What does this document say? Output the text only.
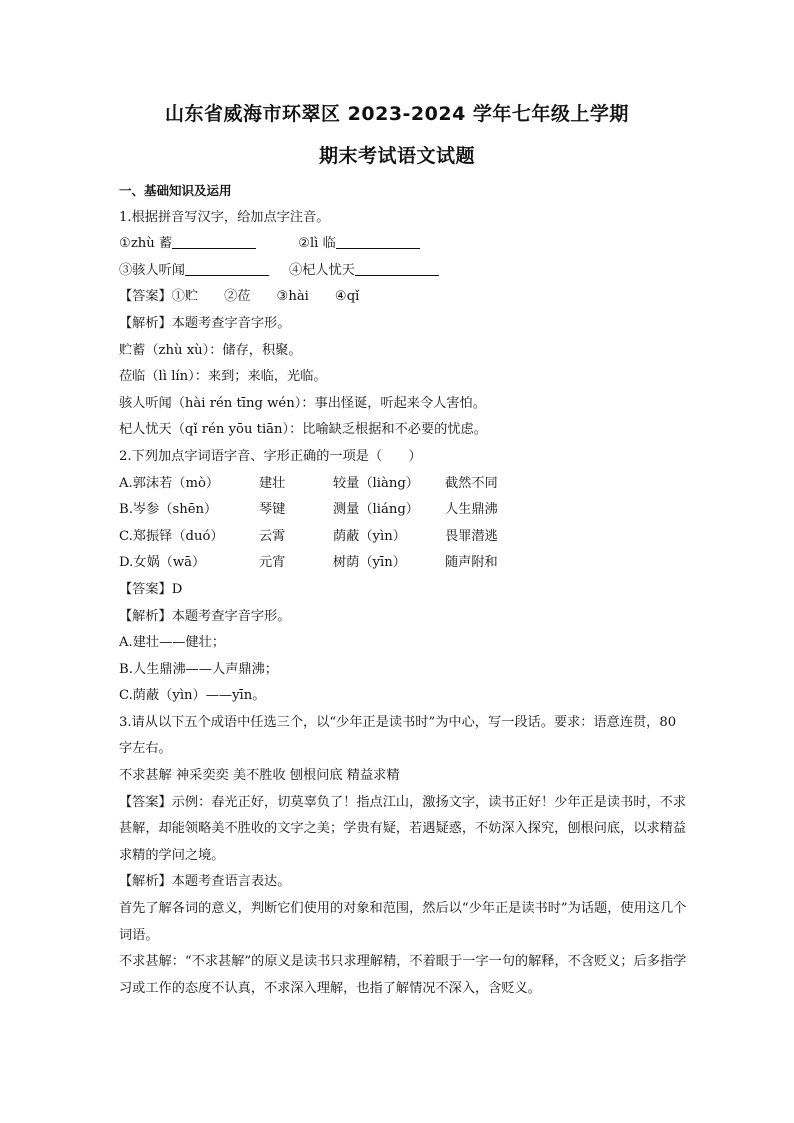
山东省威海市环翠区 2023-2024 学年七年级上学期
期末考试语文试题
一、基础知识及运用
1.根据拼音写汉字，给加点字注音。
①zhù 蓄	②lì 临
③骇人听闻	④杞人忧天
【答案】①贮 ②莅 ③hài ④qǐ
【解析】本题考查字音字形。
贮蓄（zhù xù）：储存，积聚。
莅临（lì lín）：来到；来临，光临。
骇人听闻（hài rén tīng wén）：事出怪诞，听起来令人害怕。
杞人忧天（qǐ rén yōu tiān）：比喻缺乏根据和不必要的忧虑。
2.下列加点字词语字音、字形正确的一项是（　　）
A.郭沫若（mò）	建壮	较量（liàng） 截然不同
B.岑参（shēn）	琴键	测量（liáng） 人生鼎沸
C.郑振铎（duó）	云霄	荫蔽（yìn）	畏罪潜逃
D.女娲（wā）	元宵	树荫（yīn）	随声附和
【答案】D
【解析】本题考查字音字形。
A.建壮——健壮；
B.人生鼎沸——人声鼎沸；
C.荫蔽（yìn）——yīn。
3.请从以下五个成语中任选三个，以“少年正是读书时”为中心，写一段话。要求：语意连贯，80字左右。
不求甚解 神采奕奕 美不胜收 刨根问底 精益求精
【答案】示例：春光正好，切莫辜负了！指点江山，激扬文字，读书正好！少年正是读书时，不求甚解，却能领略美不胜收的文字之美；学贵有疑，若遇疑惑，不妨深入探究，刨根问底，以求精益求精的学问之境。
【解析】本题考查语言表达。
首先了解各词的意义，判断它们使用的对象和范围，然后以“少年正是读书时”为话题，使用这几个词语。
不求甚解：“不求甚解”的原义是读书只求理解精，不着眼于一字一句的解释，不含贬义；后多指学习或工作的态度不认真，不求深入理解，也指了解情况不深入，含贬义。
